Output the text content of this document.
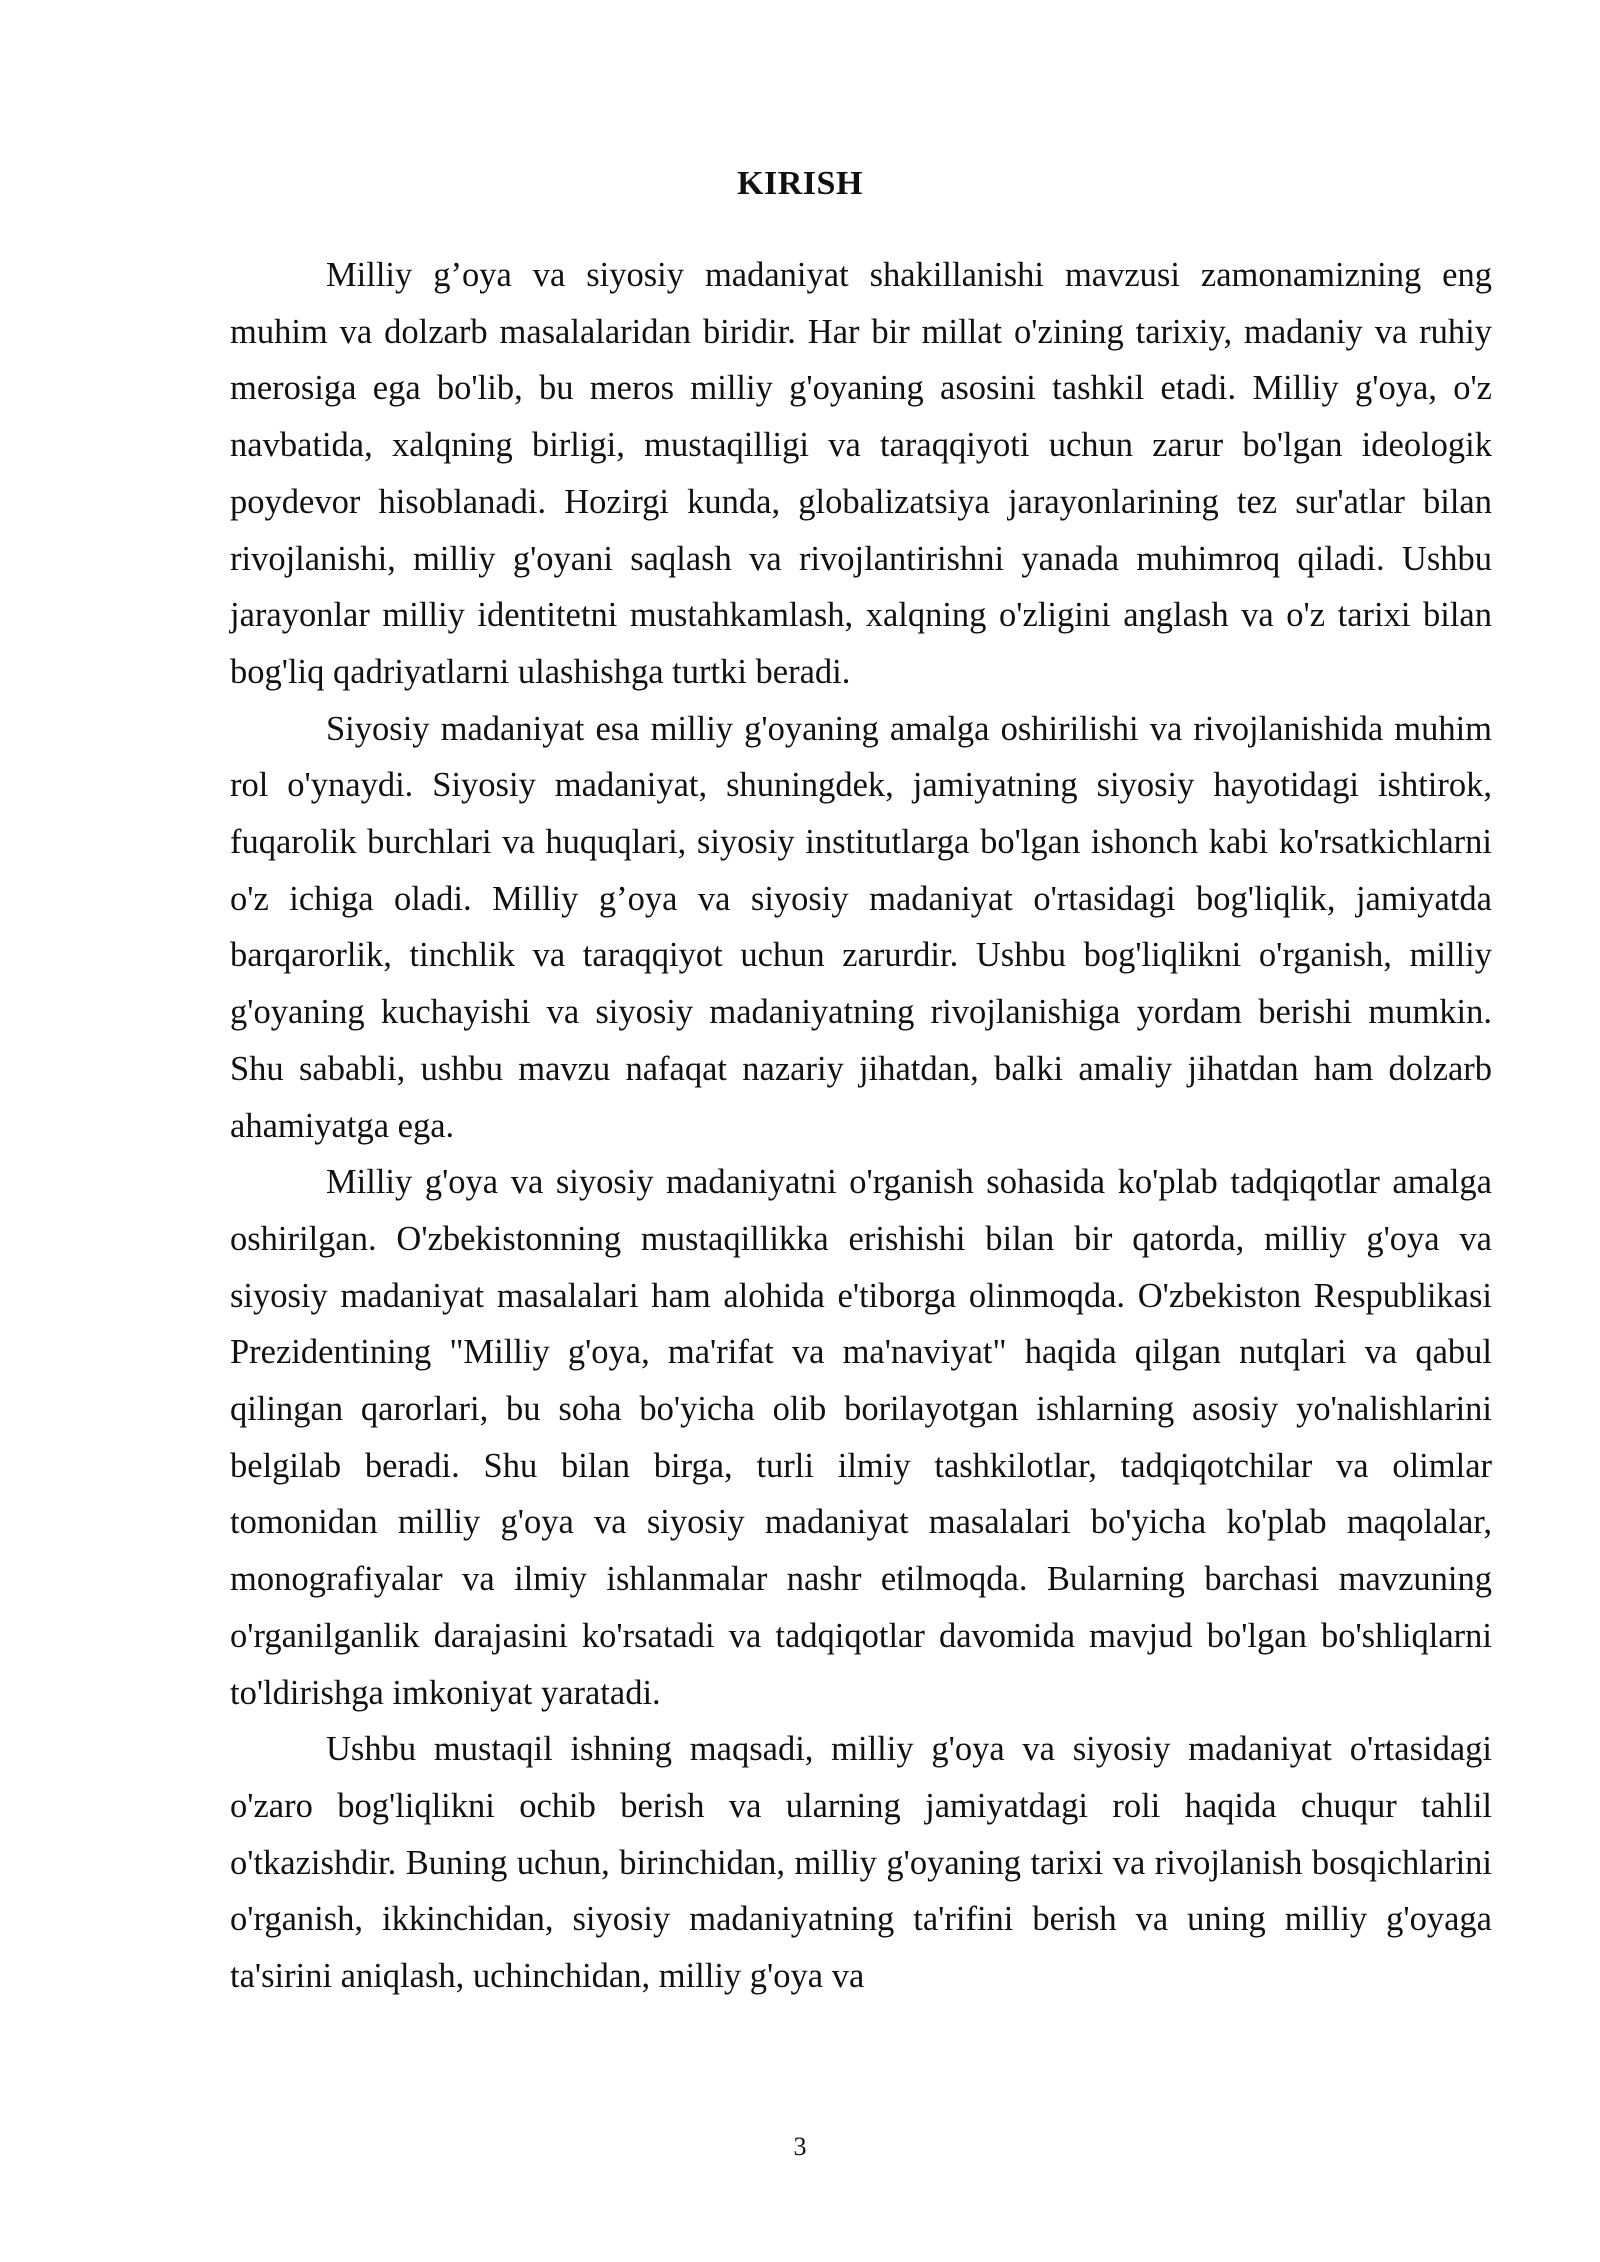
KIRISH

Milliy g’oya va siyosiy madaniyat shakillanishi mavzusi zamonamizning eng muhim va dolzarb masalalaridan biridir. Har bir millat o'zining tarixiy, madaniy va ruhiy merosiga ega bo'lib, bu meros milliy g'oyaning asosini tashkil etadi. Milliy g'oya, o'z navbatida, xalqning birligi, mustaqilligi va taraqqiyoti uchun zarur bo'lgan ideologik poydevor hisoblanadi. Hozirgi kunda, globalizatsiya jarayonlarining tez sur'atlar bilan rivojlanishi, milliy g'oyani saqlash va rivojlantirishni yanada muhimroq qiladi. Ushbu jarayonlar milliy identitetni mustahkamlash, xalqning o'zligini anglash va o'z tarixi bilan bog'liq qadriyatlarni ulashishga turtki beradi.

Siyosiy madaniyat esa milliy g'oyaning amalga oshirilishi va rivojlanishida muhim rol o'ynaydi. Siyosiy madaniyat, shuningdek, jamiyatning siyosiy hayotidagi ishtirok, fuqarolik burchlari va huquqlari, siyosiy institutlarga bo'lgan ishonch kabi ko'rsatkichlarni o'z ichiga oladi. Milliy g’oya va siyosiy madaniyat o'rtasidagi bog'liqlik, jamiyatda barqarorlik, tinchlik va taraqqiyot uchun zarurdir. Ushbu bog'liqlikni o'rganish, milliy g'oyaning kuchayishi va siyosiy madaniyatning rivojlanishiga yordam berishi mumkin. Shu sababli, ushbu mavzu nafaqat nazariy jihatdan, balki amaliy jihatdan ham dolzarb ahamiyatga ega.

Milliy g'oya va siyosiy madaniyatni o'rganish sohasida ko'plab tadqiqotlar amalga oshirilgan. O'zbekistonning mustaqillikka erishishi bilan bir qatorda, milliy g'oya va siyosiy madaniyat masalalari ham alohida e'tiborga olinmoqda. O'zbekiston Respublikasi Prezidentining "Milliy g'oya, ma'rifat va ma'naviyat" haqida qilgan nutqlari va qabul qilingan qarorlari, bu soha bo'yicha olib borilayotgan ishlarning asosiy yo'nalishlarini belgilab beradi. Shu bilan birga, turli ilmiy tashkilotlar, tadqiqotchilar va olimlar tomonidan milliy g'oya va siyosiy madaniyat masalalari bo'yicha ko'plab maqolalar, monografiyalar va ilmiy ishlanmalar nashr etilmoqda. Bularning barchasi mavzuning o'rganilganlik darajasini ko'rsatadi va tadqiqotlar davomida mavjud bo'lgan bo'shliqlarni to'ldirishga imkoniyat yaratadi.

Ushbu mustaqil ishning maqsadi, milliy g'oya va siyosiy madaniyat o'rtasidagi o'zaro bog'liqlikni ochib berish va ularning jamiyatdagi roli haqida chuqur tahlil o'tkazishdir. Buning uchun, birinchidan, milliy g'oyaning tarixi va rivojlanish bosqichlarini o'rganish, ikkinchidan, siyosiy madaniyatning ta'rifini berish va uning milliy g'oyaga ta'sirini aniqlash, uchinchidan, milliy g'oya va

3
